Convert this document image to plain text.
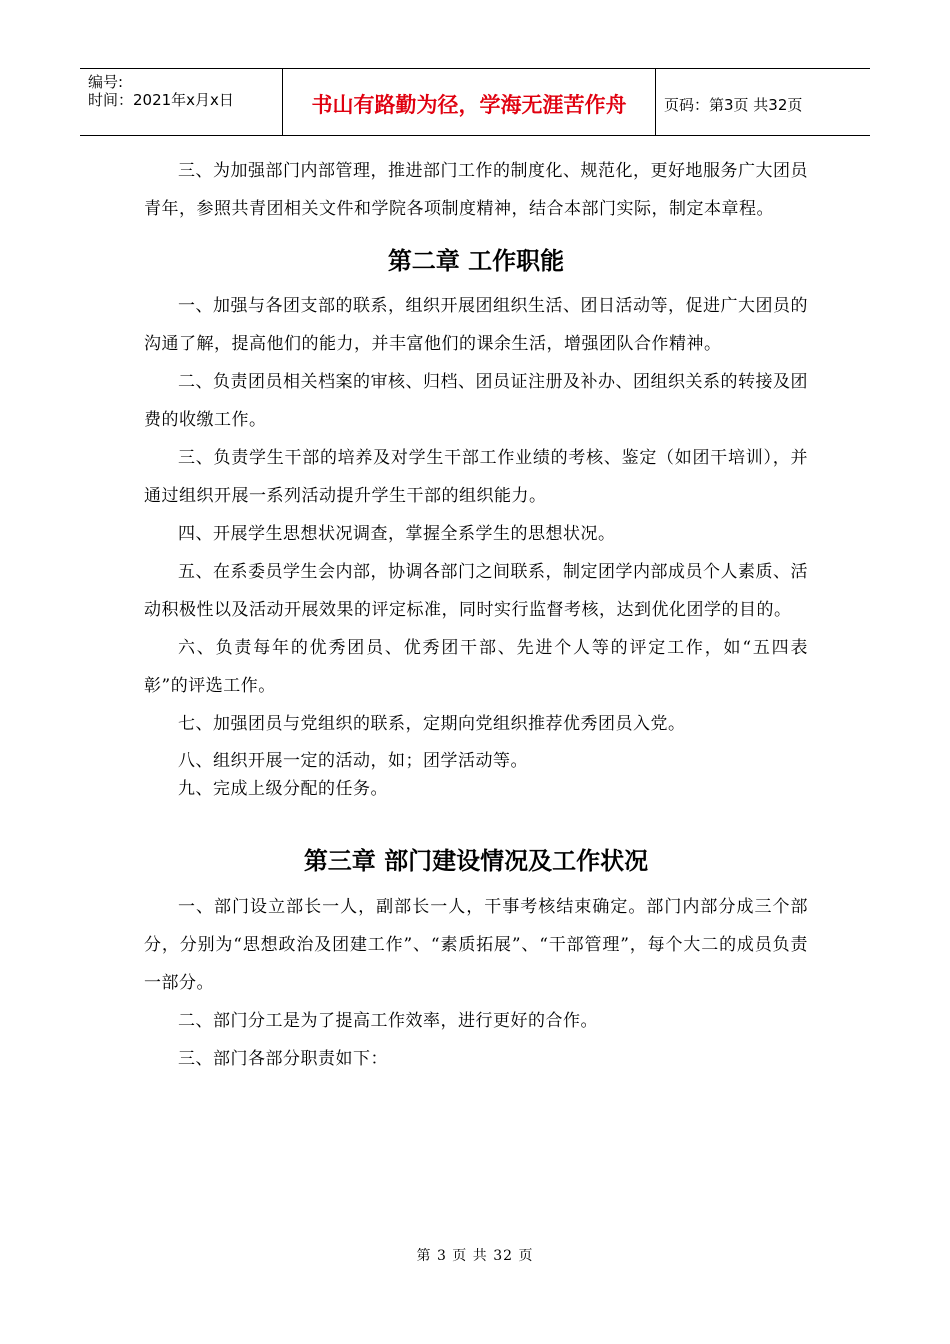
编号:
时间：2021年x月x日	书山有路勤为径，学海无涯苦作舟	页码：第3页 共32页

三、为加强部门内部管理，推进部门工作的制度化、规范化，更好地服务广大团员青年，参照共青团相关文件和学院各项制度精神，结合本部门实际，制定本章程。

第二章 工作职能

一、加强与各团支部的联系，组织开展团组织生活、团日活动等，促进广大团员的沟通了解，提高他们的能力，并丰富他们的课余生活，增强团队合作精神。

二、负责团员相关档案的审核、归档、团员证注册及补办、团组织关系的转接及团费的收缴工作。

三、负责学生干部的培养及对学生干部工作业绩的考核、鉴定（如团干培训），并通过组织开展一系列活动提升学生干部的组织能力。

四、开展学生思想状况调查，掌握全系学生的思想状况。

五、在系委员学生会内部，协调各部门之间联系，制定团学内部成员个人素质、活动积极性以及活动开展效果的评定标准，同时实行监督考核，达到优化团学的目的。

六、负责每年的优秀团员、优秀团干部、先进个人等的评定工作，如“五四表彰”的评选工作。

七、加强团员与党组织的联系，定期向党组织推荐优秀团员入党。

八、组织开展一定的活动，如；团学活动等。

九、完成上级分配的任务。

第三章 部门建设情况及工作状况

一、部门设立部长一人，副部长一人，干事考核结束确定。部门内部分成三个部分，分别为“思想政治及团建工作”、“素质拓展”、“干部管理”，每个大二的成员负责一部分。

二、部门分工是为了提高工作效率，进行更好的合作。

三、部门各部分职责如下：

第 3 页 共 32 页
